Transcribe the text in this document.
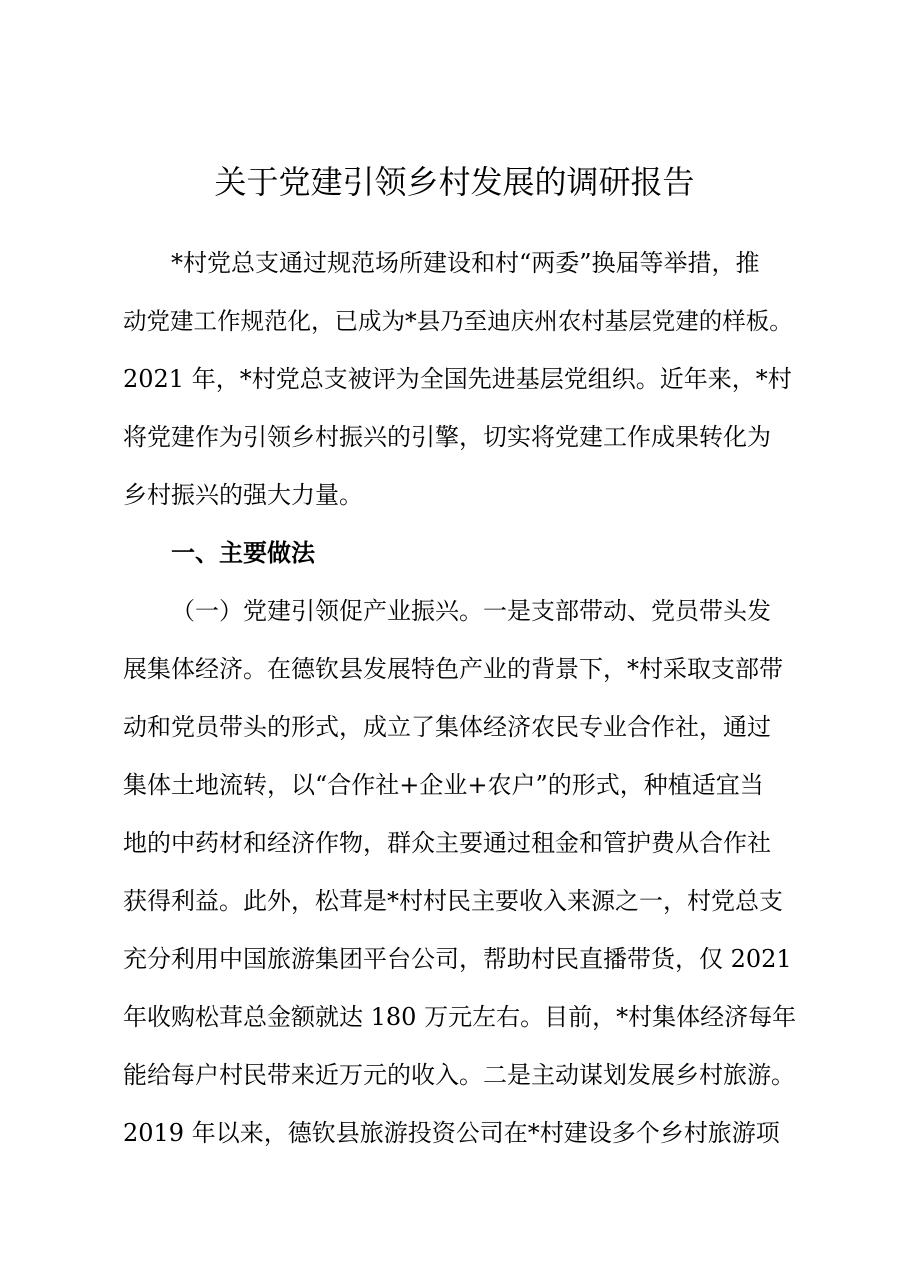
关于党建引领乡村发展的调研报告

*村党总支通过规范场所建设和村“两委”换届等举措，推

动党建工作规范化，已成为*县乃至迪庆州农村基层党建的样板。

2021 年，*村党总支被评为全国先进基层党组织。近年来，*村

将党建作为引领乡村振兴的引擎，切实将党建工作成果转化为

乡村振兴的强大力量。

一、主要做法

（一）党建引领促产业振兴。一是支部带动、党员带头发

展集体经济。在德钦县发展特色产业的背景下，*村采取支部带

动和党员带头的形式，成立了集体经济农民专业合作社，通过

集体土地流转，以“合作社+企业+农户”的形式，种植适宜当

地的中药材和经济作物，群众主要通过租金和管护费从合作社

获得利益。此外，松茸是*村村民主要收入来源之一，村党总支

充分利用中国旅游集团平台公司，帮助村民直播带货，仅 2021

年收购松茸总金额就达 180 万元左右。目前，*村集体经济每年

能给每户村民带来近万元的收入。二是主动谋划发展乡村旅游。

2019 年以来，德钦县旅游投资公司在*村建设多个乡村旅游项
